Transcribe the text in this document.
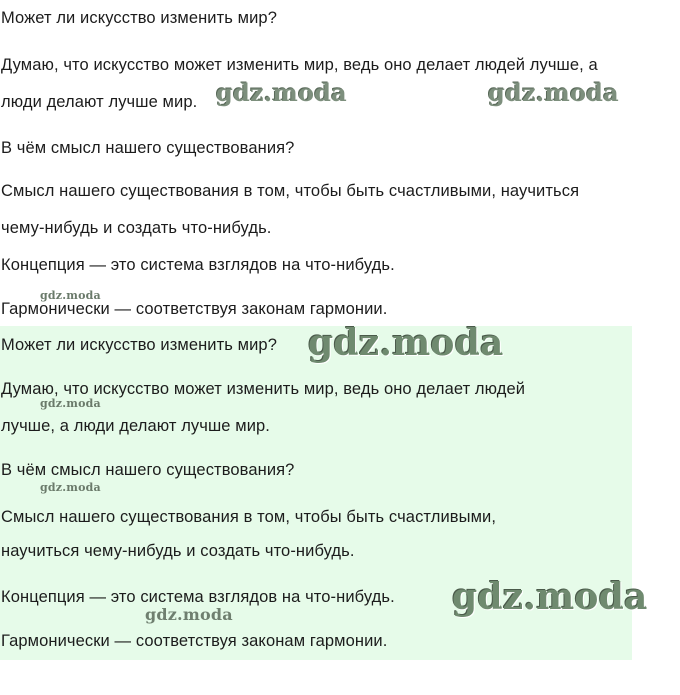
Может ли искусство изменить мир?
Думаю, что искусство может изменить мир, ведь оно делает людей лучше, а
люди делают лучше мир.
В чём смысл нашего существования?
Смысл нашего существования в том, чтобы быть счастливыми, научиться
чему-нибудь и создать что-нибудь.
Концепция — это система взглядов на что-нибудь.
Гармонически — соответствуя законам гармонии.
Может ли искусство изменить мир?
Думаю, что искусство может изменить мир, ведь оно делает людей
лучше, а люди делают лучше мир.
В чём смысл нашего существования?
Смысл нашего существования в том, чтобы быть счастливыми,
научиться чему-нибудь и создать что-нибудь.
Концепция — это система взглядов на что-нибудь.
Гармонически — соответствуя законам гармонии.
gdz.moda	gdz.moda
gdz.moda
gdz.moda
gdz.moda
gdz.moda
gdz.moda
gdz.moda
